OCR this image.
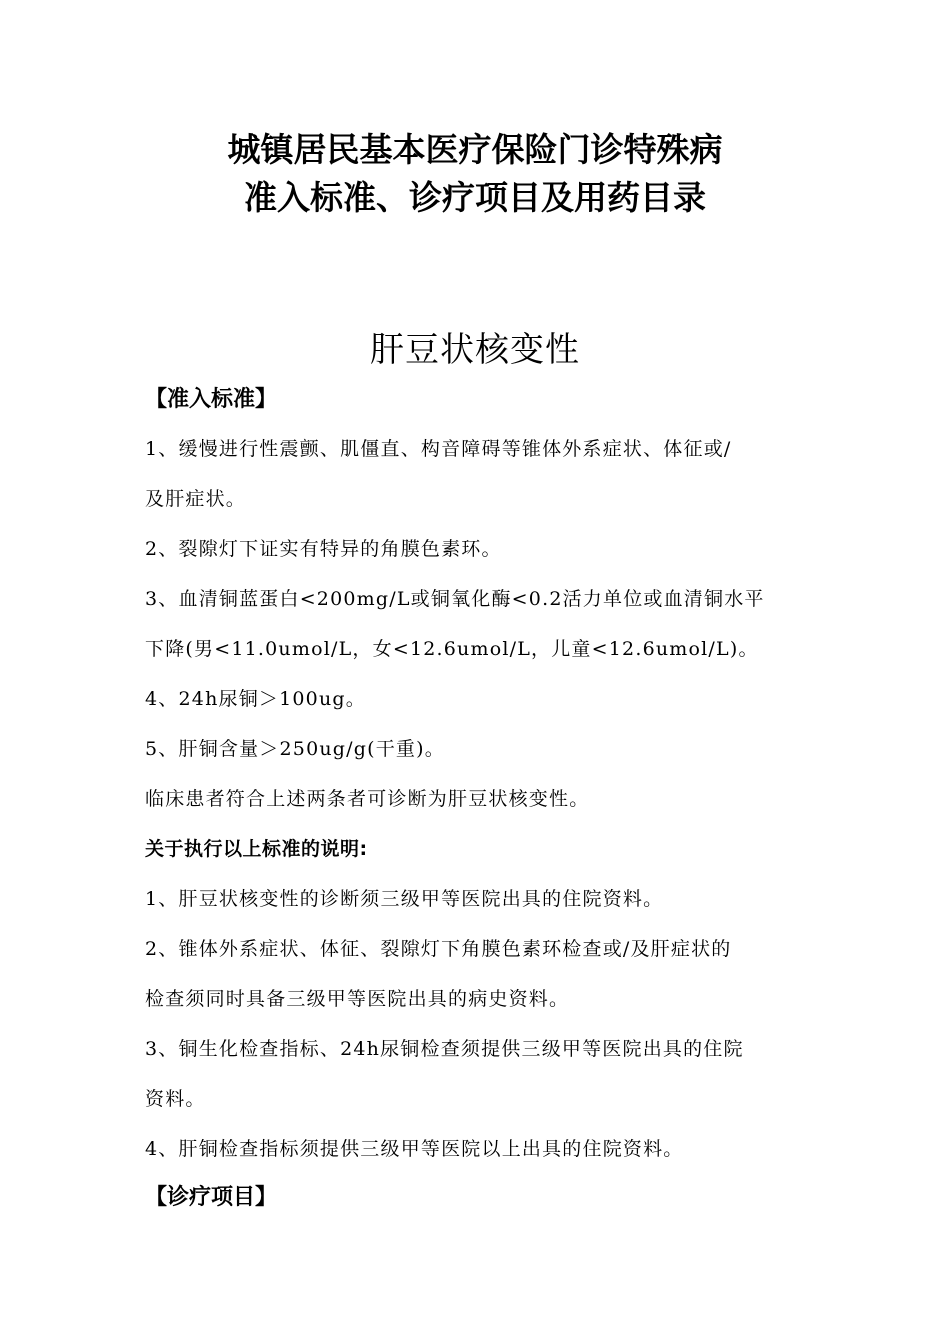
城镇居民基本医疗保险门诊特殊病
准入标准、诊疗项目及用药目录
肝豆状核变性
【准入标准】
1、缓慢进行性震颤、肌僵直、构音障碍等锥体外系症状、体征或/
及肝症状。
2、裂隙灯下证实有特异的角膜色素环。
3、血清铜蓝蛋白<200mg/L或铜氧化酶<0.2活力单位或血清铜水平
下降(男<11.0umol/L，女<12.6umol/L，儿童<12.6umol/L)。
4、24h尿铜＞100ug。
5、肝铜含量＞250ug/g(干重)。
临床患者符合上述两条者可诊断为肝豆状核变性。
关于执行以上标准的说明:
1、肝豆状核变性的诊断须三级甲等医院出具的住院资料。
2、锥体外系症状、体征、裂隙灯下角膜色素环检查或/及肝症状的
检查须同时具备三级甲等医院出具的病史资料。
3、铜生化检查指标、24h尿铜检查须提供三级甲等医院出具的住院
资料。
4、肝铜检查指标须提供三级甲等医院以上出具的住院资料。
【诊疗项目】
